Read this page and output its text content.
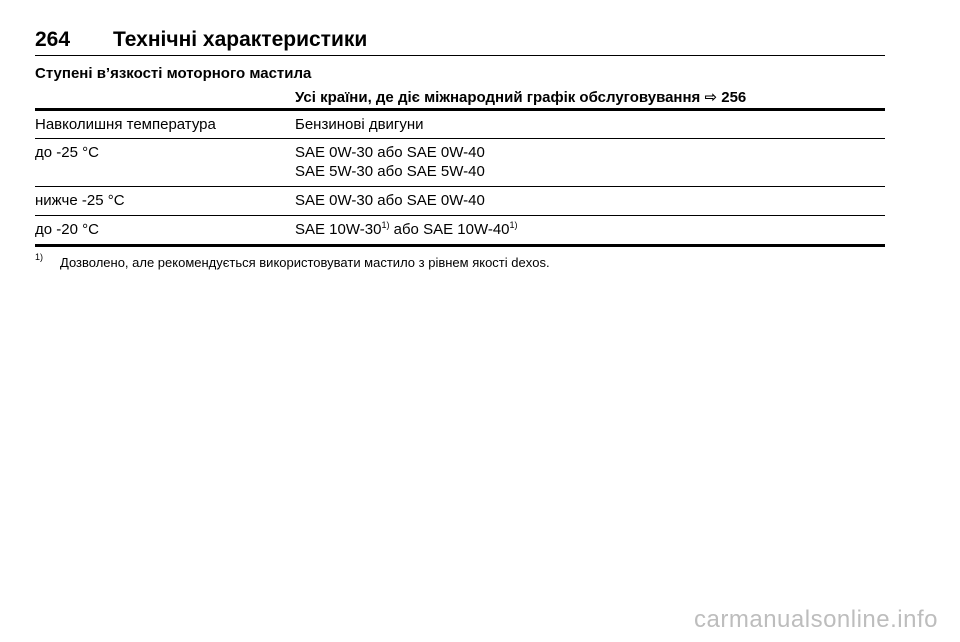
264	Технічні характеристики
Ступені в’язкості моторного мастила
Усі країни, де діє міжнародний графік обслуговування ⇨ 256
Навколишня температура	Бензинові двигуни
до -25 °C	SAE 0W-30 або SAE 0W-40
SAE 5W-30 або SAE 5W-40
нижче -25 °C	SAE 0W-30 або SAE 0W-40
до -20 °C	SAE 10W-30$^{1)}$ або SAE 10W-40$^{1)}$
1)	Дозволено, але рекомендується використовувати мастило з рівнем якості dexos.
carmanualsonline.info
